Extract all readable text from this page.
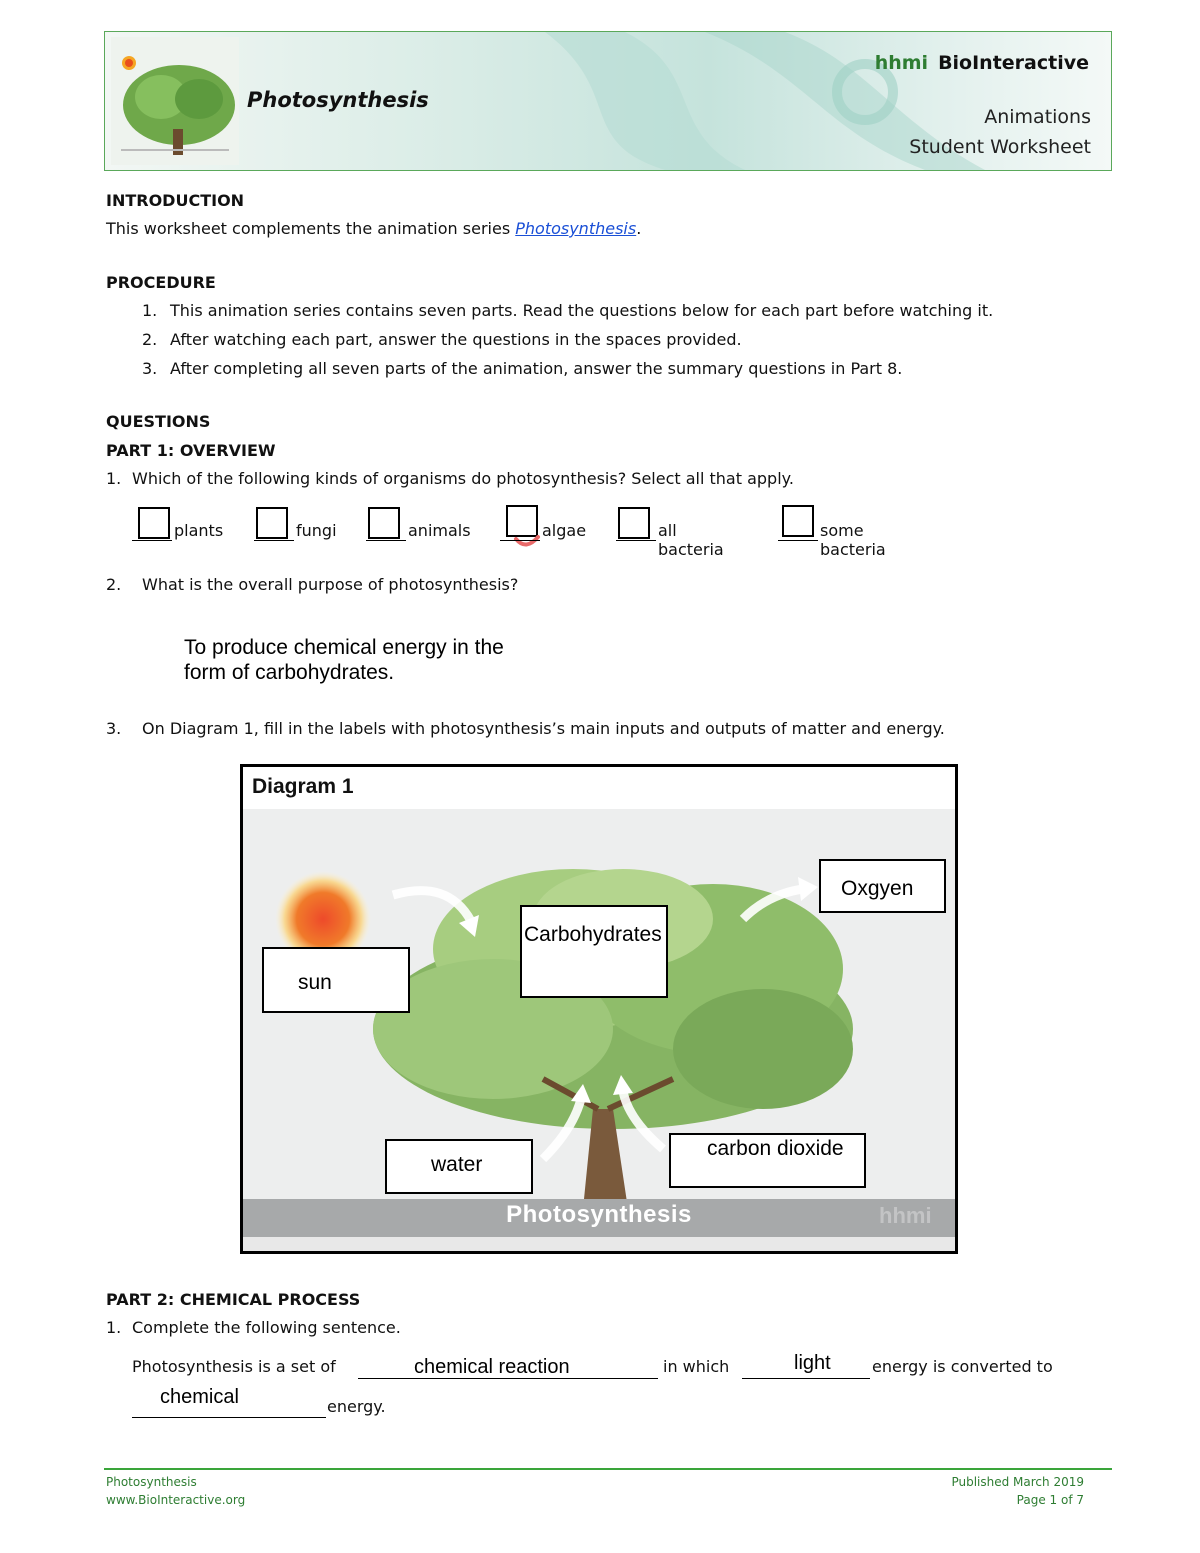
Photosynthesis
hhmi BioInteractive
Animations
Student Worksheet
INTRODUCTION
This worksheet complements the animation series Photosynthesis.
PROCEDURE
1. This animation series contains seven parts. Read the questions below for each part before watching it.
2. After watching each part, answer the questions in the spaces provided.
3. After completing all seven parts of the animation, answer the summary questions in Part 8.
QUESTIONS
PART 1: OVERVIEW
1. Which of the following kinds of organisms do photosynthesis? Select all that apply.
plants	fungi	animals	algae	all bacteria
some bacteria
2. What is the overall purpose of photosynthesis?
To produce chemical energy in the
form of carbohydrates.
3. On Diagram 1, fill in the labels with photosynthesis’s main inputs and outputs of matter and energy.
Diagram 1
Photosynthesis	hhmi
sun
Carbohydrates
Oxgyen
water
carbon dioxide
PART 2: CHEMICAL PROCESS
1. Complete the following sentence.
Photosynthesis is a set of	chemical reaction	in which	light	energy is converted to
chemical	energy.
Photosynthesis
www.BioInteractive.org
Published March 2019
Page 1 of 7
